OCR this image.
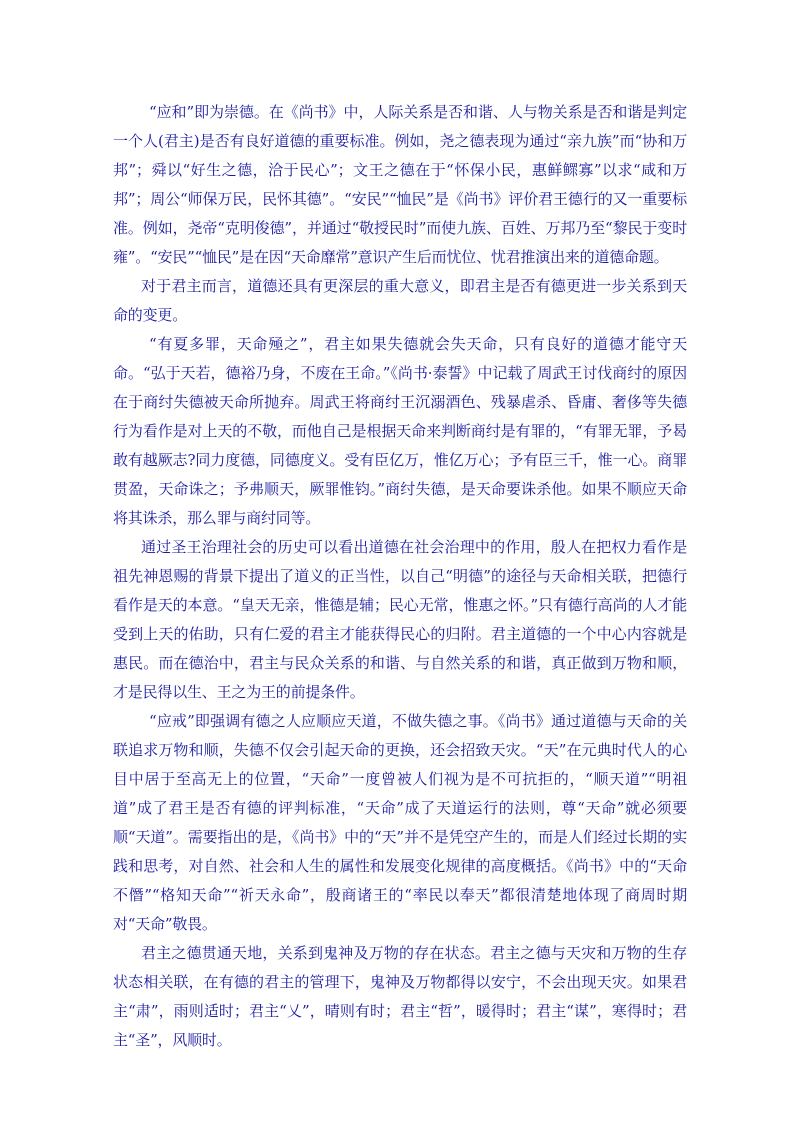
“应和”即为崇德。在《尚书》中，人际关系是否和谐、人与物关系是否和谐是判定一个人(君主)是否有良好道德的重要标准。例如，尧之德表现为通过“亲九族”而“协和万邦”；舜以“好生之德，洽于民心”；文王之德在于“怀保小民，惠鲜鳏寡”以求“咸和万邦”；周公“师保万民，民怀其德”。“安民”“恤民”是《尚书》评价君王德行的又一重要标准。例如，尧帝“克明俊德”，并通过“敬授民时”而使九族、百姓、万邦乃至“黎民于变时雍”。“安民”“恤民”是在因“天命靡常”意识产生后而忧位、忧君推演出来的道德命题。

对于君主而言，道德还具有更深层的重大意义，即君主是否有德更进一步关系到天命的变更。

“有夏多罪，天命殛之”，君主如果失德就会失天命，只有良好的道德才能守天命。“弘于天若，德裕乃身，不废在王命。”《尚书·泰誓》中记载了周武王讨伐商纣的原因在于商纣失德被天命所抛弃。周武王将商纣王沉溺酒色、残暴虐杀、昏庸、奢侈等失德行为看作是对上天的不敬，而他自己是根据天命来判断商纣是有罪的，“有罪无罪，予曷敢有越厥志?同力度德，同德度义。受有臣亿万，惟亿万心；予有臣三千，惟一心。商罪贯盈，天命诛之；予弗顺天，厥罪惟钧。”商纣失德，是天命要诛杀他。如果不顺应天命将其诛杀，那么罪与商纣同等。

通过圣王治理社会的历史可以看出道德在社会治理中的作用，殷人在把权力看作是祖先神恩赐的背景下提出了道义的正当性，以自己“明德”的途径与天命相关联，把德行看作是天的本意。“皇天无亲，惟德是辅；民心无常，惟惠之怀。”只有德行高尚的人才能受到上天的佑助，只有仁爱的君主才能获得民心的归附。君主道德的一个中心内容就是惠民。而在德治中，君主与民众关系的和谐、与自然关系的和谐，真正做到万物和顺，才是民得以生、王之为王的前提条件。

“应戒”即强调有德之人应顺应天道，不做失德之事。《尚书》通过道德与天命的关联追求万物和顺，失德不仅会引起天命的更换，还会招致天灾。“天”在元典时代人的心目中居于至高无上的位置，“天命”一度曾被人们视为是不可抗拒的，“顺天道”“明祖道”成了君王是否有德的评判标准，“天命”成了天道运行的法则，尊“天命”就必须要顺“天道”。需要指出的是，《尚书》中的“天”并不是凭空产生的，而是人们经过长期的实践和思考，对自然、社会和人生的属性和发展变化规律的高度概括。《尚书》中的“天命不僭”“格知天命”“祈天永命”，殷商诸王的“率民以奉天”都很清楚地体现了商周时期对“天命”敬畏。

君主之德贯通天地，关系到鬼神及万物的存在状态。君主之德与天灾和万物的生存状态相关联，在有德的君主的管理下，鬼神及万物都得以安宁，不会出现天灾。如果君主“肃”，雨则适时；君主“乂”，晴则有时；君主“哲”，暖得时；君主“谋”，寒得时；君主“圣”，风顺时。
